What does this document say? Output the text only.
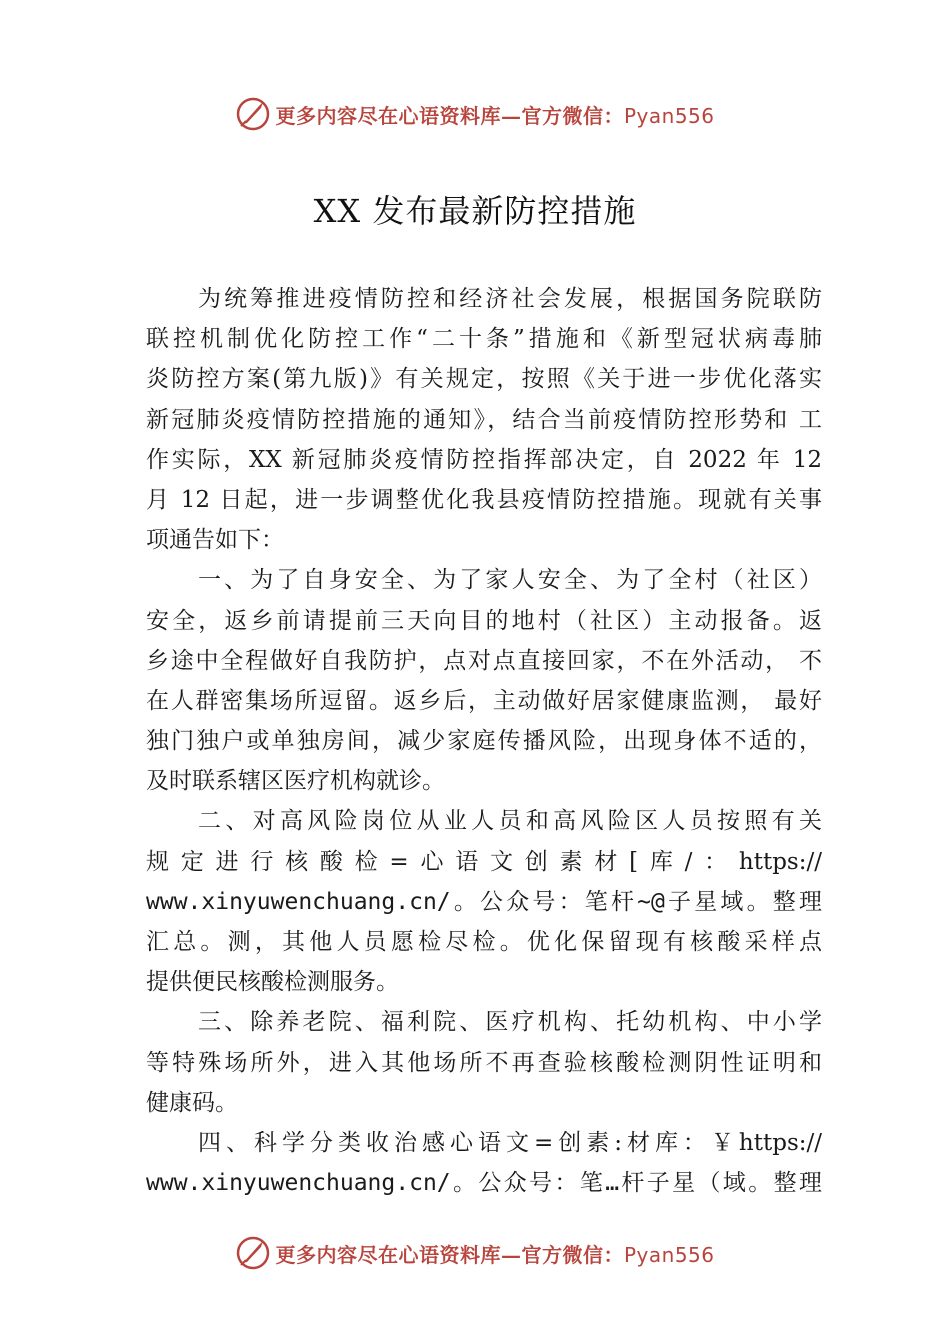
更多内容尽在心语资料库—官方微信：Pyan556
XX 发布最新防控措施
为统筹推进疫情防控和经济社会发展，根据国务院联防
联控机制优化防控工作“二十条”措施和《新型冠状病毒肺
炎防控方案(第九版)》有关规定，按照《关于进一步优化落实
新冠肺炎疫情防控措施的通知》，结合当前疫情防控形势和 工
作实际，XX 新冠肺炎疫情防控指挥部决定，自 2022 年 12
月 12 日起，进一步调整优化我县疫情防控措施。现就有关事
项通告如下：
一、为了自身安全、为了家人安全、为了全村（社区）
安全，返乡前请提前三天向目的地村（社区）主动报备。返
乡途中全程做好自我防护，点对点直接回家，不在外活动， 不
在人群密集场所逗留。返乡后，主动做好居家健康监测， 最好
独门独户或单独房间，减少家庭传播风险，出现身体不适的，
及时联系辖区医疗机构就诊。
二、对高风险岗位从业人员和高风险区人员按照有关
规定进行核酸检=心语文创素材[库/：https://
www.xinyuwenchuang.cn/。公众号：笔杆~@子星域。整理
汇总。测，其他人员愿检尽检。优化保留现有核酸采样点
提供便民核酸检测服务。
三、除养老院、福利院、医疗机构、托幼机构、中小学
等特殊场所外，进入其他场所不再查验核酸检测阴性证明和
健康码。
四、科学分类收治感心语文=创素:材库：￥https://
www.xinyuwenchuang.cn/。公众号：笔…杆子星（域。整理
更多内容尽在心语资料库—官方微信：Pyan556
